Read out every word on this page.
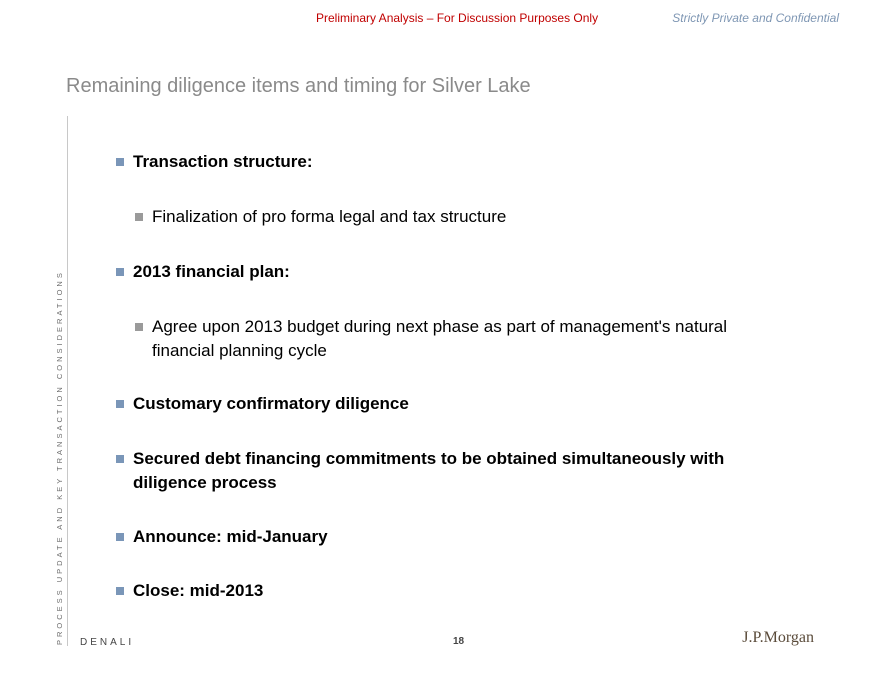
Preliminary Analysis – For Discussion Purposes Only	Strictly Private and Confidential
Remaining diligence items and timing for Silver Lake
PROCESS UPDATE AND KEY TRANSACTION CONSIDERATIONS
Transaction structure:
Finalization of pro forma legal and tax structure
2013 financial plan:
Agree upon 2013 budget during next phase as part of management's natural financial planning cycle
Customary confirmatory diligence
Secured debt financing commitments to be obtained simultaneously with diligence process
Announce: mid-January
Close: mid-2013
DENALI	18	J.P.Morgan
